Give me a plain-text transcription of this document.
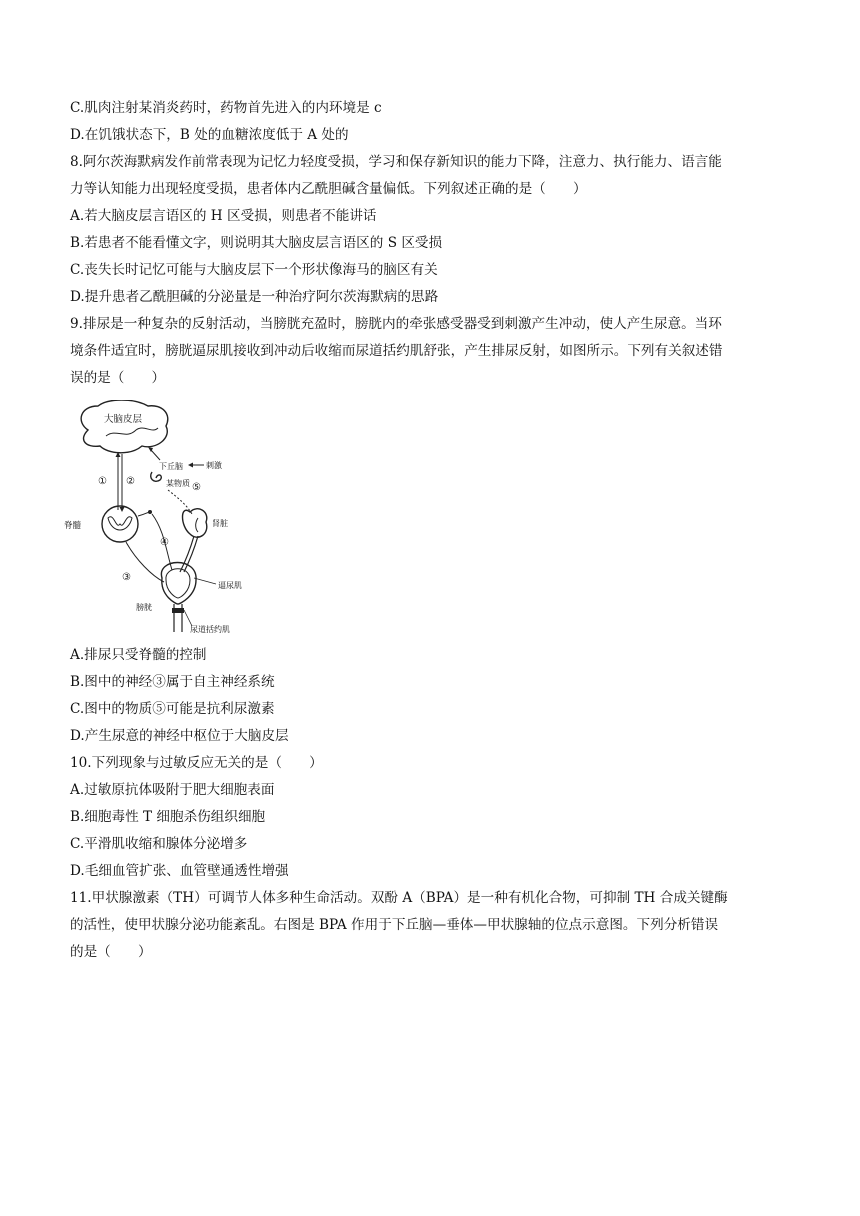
C.肌肉注射某消炎药时，药物首先进入的内环境是 c
D.在饥饿状态下，B 处的血糖浓度低于 A 处的
8.阿尔茨海默病发作前常表现为记忆力轻度受损，学习和保存新知识的能力下降，注意力、执行能力、语言能
力等认知能力出现轻度受损，患者体内乙酰胆碱含量偏低。下列叙述正确的是（　　）
A.若大脑皮层言语区的 H 区受损，则患者不能讲话
B.若患者不能看懂文字，则说明其大脑皮层言语区的 S 区受损
C.丧失长时记忆可能与大脑皮层下一个形状像海马的脑区有关
D.提升患者乙酰胆碱的分泌量是一种治疗阿尔茨海默病的思路
9.排尿是一种复杂的反射活动，当膀胱充盈时，膀胱内的牵张感受器受到刺激产生冲动，使人产生尿意。当环
境条件适宜时，膀胱逼尿肌接收到冲动后收缩而尿道括约肌舒张，产生排尿反射，如图所示。下列有关叙述错
误的是（　　）
大脑皮层
下丘脑	刺激
某物质 ⑤
① ②
脊髓	肾脏
④
③
逼尿肌
膀胱
尿道括约肌
A.排尿只受脊髓的控制
B.图中的神经③属于自主神经系统
C.图中的物质⑤可能是抗利尿激素
D.产生尿意的神经中枢位于大脑皮层
10.下列现象与过敏反应无关的是（　　）
A.过敏原抗体吸附于肥大细胞表面
B.细胞毒性 T 细胞杀伤组织细胞
C.平滑肌收缩和腺体分泌增多
D.毛细血管扩张、血管壁通透性增强
11.甲状腺激素（TH）可调节人体多种生命活动。双酚 A（BPA）是一种有机化合物，可抑制 TH 合成关键酶
的活性，使甲状腺分泌功能紊乱。右图是 BPA 作用于下丘脑—垂体—甲状腺轴的位点示意图。下列分析错误
的是（　　）
